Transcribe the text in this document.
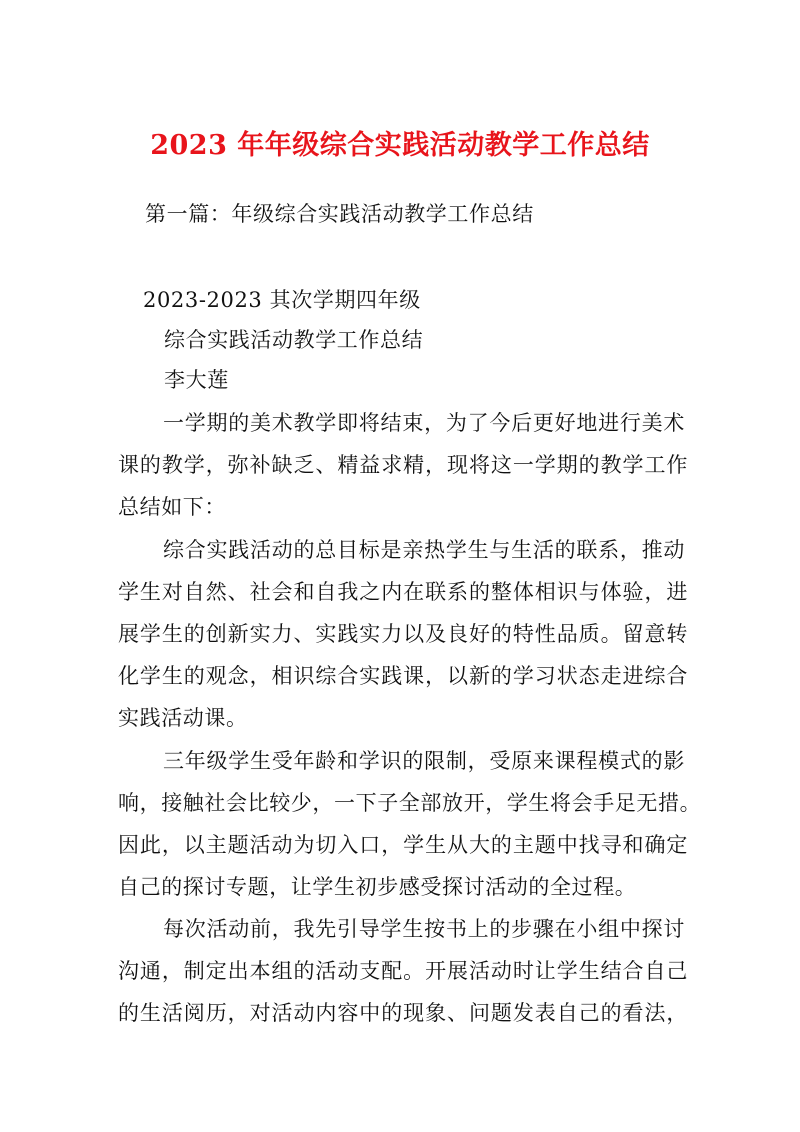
2023 年年级综合实践活动教学工作总结
第一篇：年级综合实践活动教学工作总结
2023-2023 其次学期四年级
综合实践活动教学工作总结
李大莲
一学期的美术教学即将结束，为了今后更好地进行美术
课的教学，弥补缺乏、精益求精，现将这一学期的教学工作
总结如下：
综合实践活动的总目标是亲热学生与生活的联系，推动
学生对自然、社会和自我之内在联系的整体相识与体验，进
展学生的创新实力、实践实力以及良好的特性品质。留意转
化学生的观念，相识综合实践课，以新的学习状态走进综合
实践活动课。
三年级学生受年龄和学识的限制，受原来课程模式的影
响，接触社会比较少，一下子全部放开，学生将会手足无措。
因此，以主题活动为切入口，学生从大的主题中找寻和确定
自己的探讨专题，让学生初步感受探讨活动的全过程。
每次活动前，我先引导学生按书上的步骤在小组中探讨
沟通，制定出本组的活动支配。开展活动时让学生结合自己
的生活阅历，对活动内容中的现象、问题发表自己的看法，
